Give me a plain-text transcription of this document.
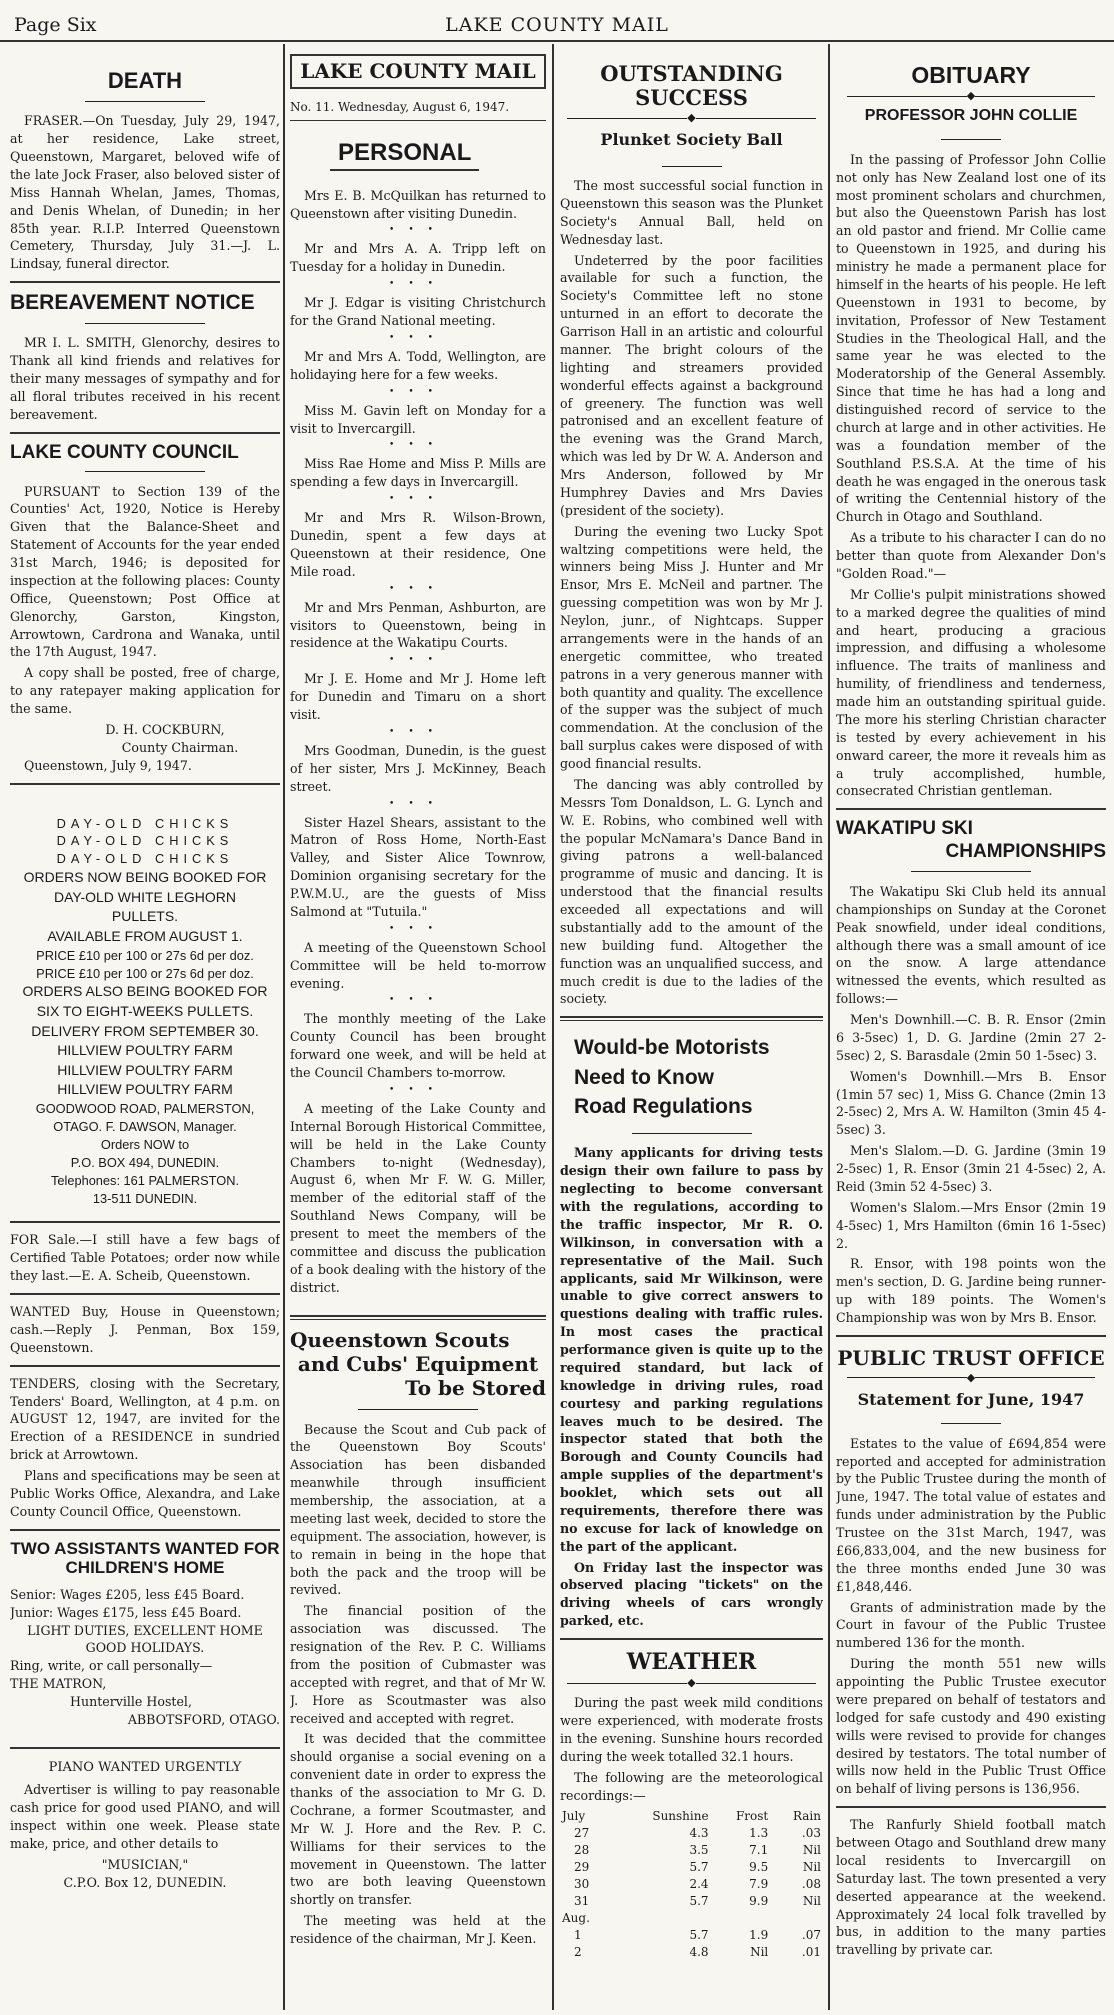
Page Six	LAKE COUNTY MAIL
DEATH

FRASER.—On Tuesday, July 29, 1947, at her residence, Lake street, Queenstown, Margaret, beloved wife of the late Jock Fraser, also beloved sister of Miss Hannah Whelan, James, Thomas, and Denis Whelan, of Dunedin; in her 85th year. R.I.P. Interred Queenstown Cemetery, Thursday, July 31.—J. L. Lindsay, funeral director.

BEREAVEMENT NOTICE

MR I. L. SMITH, Glenorchy, desires to Thank all kind friends and relatives for their many messages of sympathy and for all floral tributes received in his recent bereavement.

LAKE COUNTY COUNCIL

PURSUANT to Section 139 of the Counties' Act, 1920, Notice is Hereby Given that the Balance-Sheet and Statement of Accounts for the year ended 31st March, 1946; is deposited for inspection at the following places: County Office, Queenstown; Post Office at Glenorchy, Garston, Kingston, Arrowtown, Cardrona and Wanaka, until the 17th August, 1947.

A copy shall be posted, free of charge, to any ratepayer making application for the same.

D. H. COCKBURN,
County Chairman.
Queenstown, July 9, 1947.
DAY-OLD CHICKS
DAY-OLD CHICKS
DAY-OLD CHICKS
ORDERS NOW BEING BOOKED FOR
DAY-OLD WHITE LEGHORN
PULLETS.
AVAILABLE FROM AUGUST 1.
PRICE £10 per 100 or 27s 6d per doz.
PRICE £10 per 100 or 27s 6d per doz.
ORDERS ALSO BEING BOOKED FOR
SIX TO EIGHT-WEEKS PULLETS.
DELIVERY FROM SEPTEMBER 30.
HILLVIEW POULTRY FARM
HILLVIEW POULTRY FARM
HILLVIEW POULTRY FARM
GOODWOOD ROAD, PALMERSTON,
OTAGO. F. DAWSON, Manager.
Orders NOW to
P.O. BOX 494, DUNEDIN.
Telephones: 161 PALMERSTON.
13-511 DUNEDIN.

FOR Sale.—I still have a few bags of Certified Table Potatoes; order now while they last.—E. A. Scheib, Queenstown.

WANTED Buy, House in Queenstown; cash.—Reply J. Penman, Box 159, Queenstown.

TENDERS, closing with the Secretary, Tenders' Board, Wellington, at 4 p.m. on AUGUST 12, 1947, are invited for the Erection of a RESIDENCE in sundried brick at Arrowtown.

Plans and specifications may be seen at Public Works Office, Alexandra, and Lake County Council Office, Queenstown.

TWO ASSISTANTS WANTED FOR CHILDREN'S HOME
Senior: Wages £205, less £45 Board.
Junior: Wages £175, less £45 Board.
LIGHT DUTIES, EXCELLENT HOME
GOOD HOLIDAYS.
Ring, write, or call personally—
THE MATRON,
Hunterville Hostel,
ABBOTSFORD, OTAGO.
PIANO WANTED URGENTLY

Advertiser is willing to pay reasonable cash price for good used PIANO, and will inspect within one week. Please state make, price, and other details to

"MUSICIAN,"
C.P.O. Box 12, DUNEDIN.
LAKE COUNTY MAIL
No. 11. Wednesday, August 6, 1947.
PERSONAL

Mrs E. B. McQuilkan has returned to Queenstown after visiting Dunedin.

•••

Mr and Mrs A. A. Tripp left on Tuesday for a holiday in Dunedin.

•••

Mr J. Edgar is visiting Christchurch for the Grand National meeting.

•••

Mr and Mrs A. Todd, Wellington, are holidaying here for a few weeks.

•••

Miss M. Gavin left on Monday for a visit to Invercargill.

•••

Miss Rae Home and Miss P. Mills are spending a few days in Invercargill.

•••

Mr and Mrs R. Wilson-Brown, Dunedin, spent a few days at Queenstown at their residence, One Mile road.

•••

Mr and Mrs Penman, Ashburton, are visitors to Queenstown, being in residence at the Wakatipu Courts.

•••

Mr J. E. Home and Mr J. Home left for Dunedin and Timaru on a short visit.

•••

Mrs Goodman, Dunedin, is the guest of her sister, Mrs J. McKinney, Beach street.

•••

Sister Hazel Shears, assistant to the Matron of Ross Home, North-East Valley, and Sister Alice Townrow, Dominion organising secretary for the P.W.M.U., are the guests of Miss Salmond at "Tutuila."

•••

A meeting of the Queenstown School Committee will be held to-morrow evening.

•••

The monthly meeting of the Lake County Council has been brought forward one week, and will be held at the Council Chambers to-morrow.

•••

A meeting of the Lake County and Internal Borough Historical Committee, will be held in the Lake County Chambers to-night (Wednesday), August 6, when Mr F. W. G. Miller, member of the editorial staff of the Southland News Company, will be present to meet the members of the committee and discuss the publication of a book dealing with the history of the district.

Queenstown Scouts
and Cubs' Equipment
To be Stored

Because the Scout and Cub pack of the Queenstown Boy Scouts' Association has been disbanded meanwhile through insufficient membership, the association, at a meeting last week, decided to store the equipment. The association, however, is to remain in being in the hope that both the pack and the troop will be revived.

The financial position of the association was discussed. The resignation of the Rev. P. C. Williams from the position of Cubmaster was accepted with regret, and that of Mr W. J. Hore as Scoutmaster was also received and accepted with regret.

It was decided that the committee should organise a social evening on a convenient date in order to express the thanks of the association to Mr G. D. Cochrane, a former Scoutmaster, and Mr W. J. Hore and the Rev. P. C. Williams for their services to the movement in Queenstown. The latter two are both leaving Queenstown shortly on transfer.

The meeting was held at the residence of the chairman, Mr J. Keen.

OUTSTANDING SUCCESS
◆
Plunket Society Ball

The most successful social function in Queenstown this season was the Plunket Society's Annual Ball, held on Wednesday last.

Undeterred by the poor facilities available for such a function, the Society's Committee left no stone unturned in an effort to decorate the Garrison Hall in an artistic and colourful manner. The bright colours of the lighting and streamers provided wonderful effects against a background of greenery. The function was well patronised and an excellent feature of the evening was the Grand March, which was led by Dr W. A. Anderson and Mrs Anderson, followed by Mr Humphrey Davies and Mrs Davies (president of the society).

During the evening two Lucky Spot waltzing competitions were held, the winners being Miss J. Hunter and Mr Ensor, Mrs E. McNeil and partner. The guessing competition was won by Mr J. Neylon, junr., of Nightcaps. Supper arrangements were in the hands of an energetic committee, who treated patrons in a very generous manner with both quantity and quality. The excellence of the supper was the subject of much commendation. At the conclusion of the ball surplus cakes were disposed of with good financial results.

The dancing was ably controlled by Messrs Tom Donaldson, L. G. Lynch and W. E. Robins, who combined well with the popular McNamara's Dance Band in giving patrons a well-balanced programme of music and dancing. It is understood that the financial results exceeded all expectations and will substantially add to the amount of the new building fund. Altogether the function was an unqualified success, and much credit is due to the ladies of the society.

Would-be Motorists
Need to Know
Road Regulations

Many applicants for driving tests design their own failure to pass by neglecting to become conversant with the regulations, according to the traffic inspector, Mr R. O. Wilkinson, in conversation with a representative of the Mail. Such applicants, said Mr Wilkinson, were unable to give correct answers to questions dealing with traffic rules. In most cases the practical performance given is quite up to the required standard, but lack of knowledge in driving rules, road courtesy and parking regulations leaves much to be desired. The inspector stated that both the Borough and County Councils had ample supplies of the department's booklet, which sets out all requirements, therefore there was no excuse for lack of knowledge on the part of the applicant.

On Friday last the inspector was observed placing "tickets" on the driving wheels of cars wrongly parked, etc.

WEATHER
◆

During the past week mild conditions were experienced, with moderate frosts in the evening. Sunshine hours recorded during the week totalled 32.1 hours.

The following are the meteorological recordings:—

July	Sunshine	Frost	Rain
27	4.3	1.3	.03
28	3.5	7.1	Nil
29	5.7	9.5	Nil
30	2.4	7.9	.08
31	5.7	9.9	Nil
Aug.			
1	5.7	1.9	.07
2	4.8	Nil	.01
OBITUARY
◆
PROFESSOR JOHN COLLIE

In the passing of Professor John Collie not only has New Zealand lost one of its most prominent scholars and churchmen, but also the Queenstown Parish has lost an old pastor and friend. Mr Collie came to Queenstown in 1925, and during his ministry he made a permanent place for himself in the hearts of his people. He left Queenstown in 1931 to become, by invitation, Professor of New Testament Studies in the Theological Hall, and the same year he was elected to the Moderatorship of the General Assembly. Since that time he has had a long and distinguished record of service to the church at large and in other activities. He was a foundation member of the Southland P.S.S.A. At the time of his death he was engaged in the onerous task of writing the Centennial history of the Church in Otago and Southland.

As a tribute to his character I can do no better than quote from Alexander Don's "Golden Road."—

Mr Collie's pulpit ministrations showed to a marked degree the qualities of mind and heart, producing a gracious impression, and diffusing a wholesome influence. The traits of manliness and humility, of friendliness and tenderness, made him an outstanding spiritual guide. The more his sterling Christian character is tested by every achievement in his onward career, the more it reveals him as a truly accomplished, humble, consecrated Christian gentleman.

WAKATIPU SKI
CHAMPIONSHIPS

The Wakatipu Ski Club held its annual championships on Sunday at the Coronet Peak snowfield, under ideal conditions, although there was a small amount of ice on the snow. A large attendance witnessed the events, which resulted as follows:—

Men's Downhill.—C. B. R. Ensor (2min 6 3-5sec) 1, D. G. Jardine (2min 27 2-5sec) 2, S. Barasdale (2min 50 1-5sec) 3.

Women's Downhill.—Mrs B. Ensor (1min 57 sec) 1, Miss G. Chance (2min 13 2-5sec) 2, Mrs A. W. Hamilton (3min 45 4-5sec) 3.

Men's Slalom.—D. G. Jardine (3min 19 2-5sec) 1, R. Ensor (3min 21 4-5sec) 2, A. Reid (3min 52 4-5sec) 3.

Women's Slalom.—Mrs Ensor (2min 19 4-5sec) 1, Mrs Hamilton (6min 16 1-5sec) 2.

R. Ensor, with 198 points won the men's section, D. G. Jardine being runner-up with 189 points. The Women's Championship was won by Mrs B. Ensor.

PUBLIC TRUST OFFICE
◆
Statement for June, 1947

Estates to the value of £694,854 were reported and accepted for administration by the Public Trustee during the month of June, 1947. The total value of estates and funds under administration by the Public Trustee on the 31st March, 1947, was £66,833,004, and the new business for the three months ended June 30 was £1,848,446.

Grants of administration made by the Court in favour of the Public Trustee numbered 136 for the month.

During the month 551 new wills appointing the Public Trustee executor were prepared on behalf of testators and lodged for safe custody and 490 existing wills were revised to provide for changes desired by testators. The total number of wills now held in the Public Trust Office on behalf of living persons is 136,956.

The Ranfurly Shield football match between Otago and Southland drew many local residents to Invercargill on Saturday last. The town presented a very deserted appearance at the weekend. Approximately 24 local folk travelled by bus, in addition to the many parties travelling by private car.
